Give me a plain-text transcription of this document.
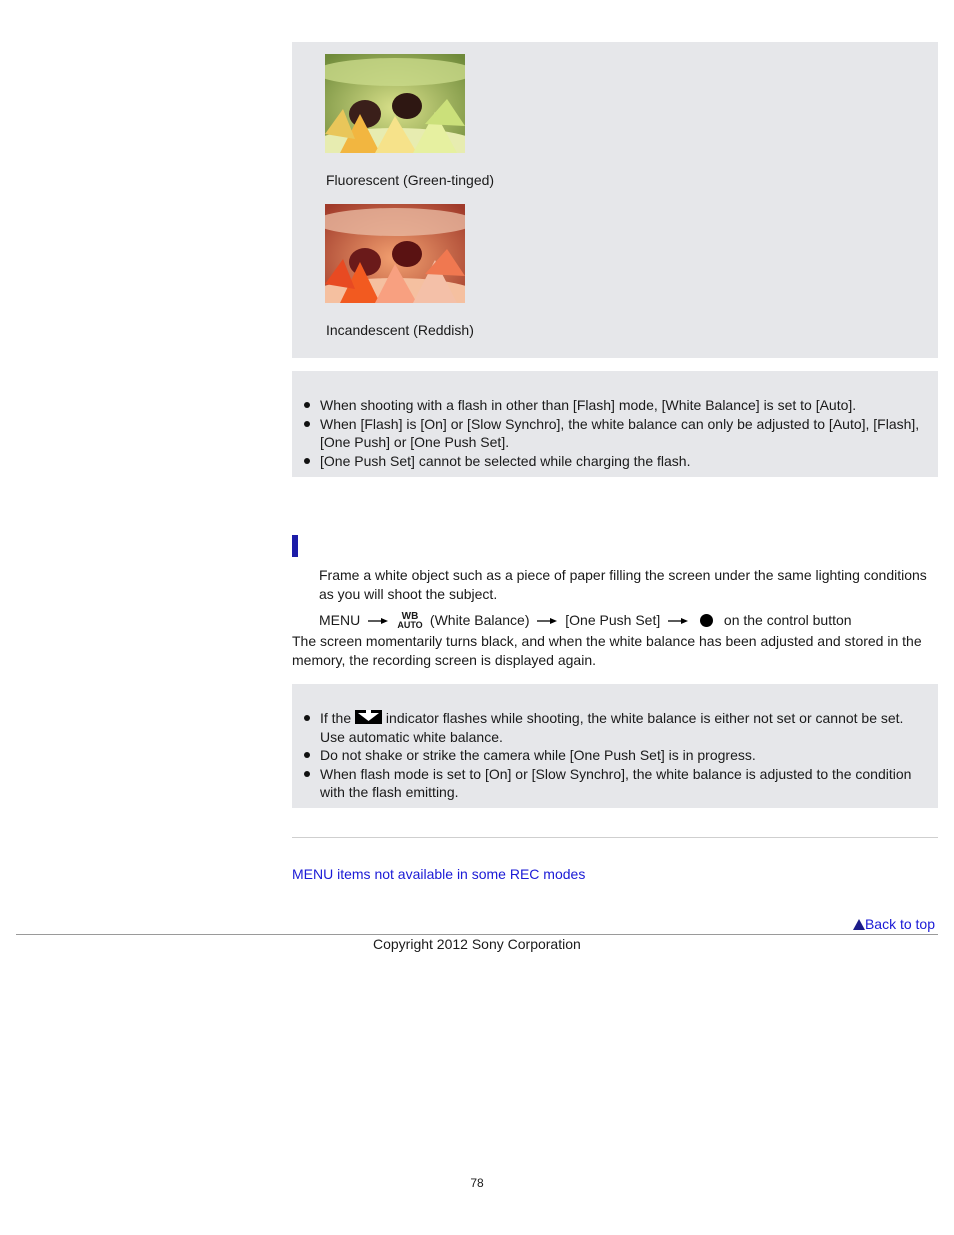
Fluorescent (Green-tinged)
Incandescent (Reddish)
When shooting with a flash in other than [Flash] mode, [White Balance] is set to [Auto].
When [Flash] is [On] or [Slow Synchro], the white balance can only be adjusted to [Auto], [Flash], [One Push] or [One Push Set].
[One Push Set] cannot be selected while charging the flash.
Frame a white object such as a piece of paper filling the screen under the same lighting conditions as you will shoot the subject.
MENU	WB
AUTO (White Balance)	[One Push Set]	on the control button
The screen momentarily turns black, and when the white balance has been adjusted and stored in the memory, the recording screen is displayed again.
If the indicator flashes while shooting, the white balance is either not set or cannot be set. Use automatic white balance.
Do not shake or strike the camera while [One Push Set] is in progress.
When flash mode is set to [On] or [Slow Synchro], the white balance is adjusted to the condition with the flash emitting.
MENU items not available in some REC modes
Back to top
Copyright 2012 Sony Corporation
78
